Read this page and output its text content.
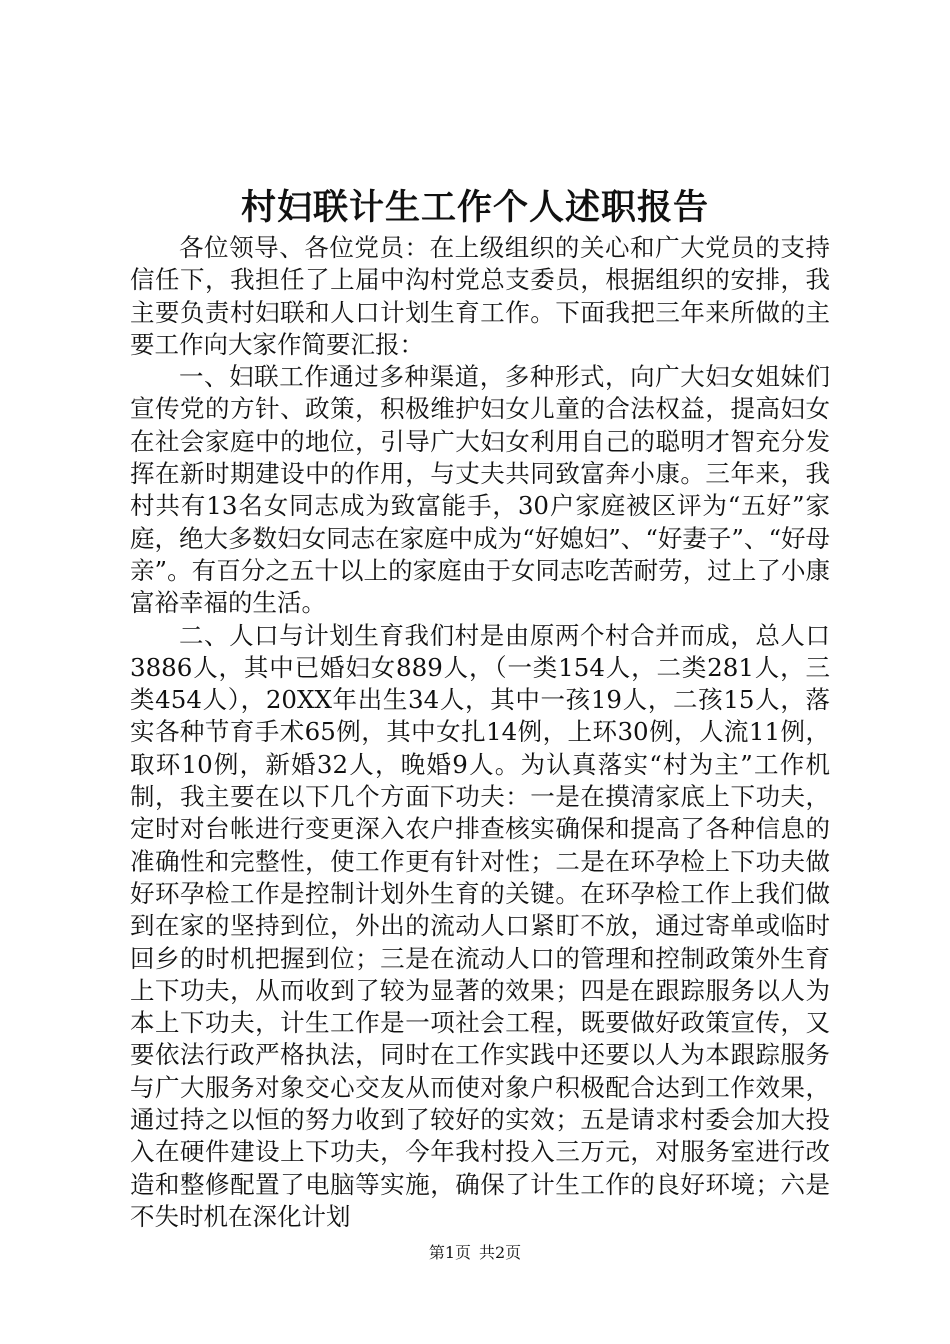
村妇联计生工作个人述职报告

各位领导、各位党员：在上级组织的关心和广大党员的支持信任下，我担任了上届中沟村党总支委员，根据组织的安排，我主要负责村妇联和人口计划生育工作。下面我把三年来所做的主要工作向大家作简要汇报：

一、妇联工作通过多种渠道，多种形式，向广大妇女姐妹们宣传党的方针、政策，积极维护妇女儿童的合法权益，提高妇女在社会家庭中的地位，引导广大妇女利用自己的聪明才智充分发挥在新时期建设中的作用，与丈夫共同致富奔小康。三年来，我村共有13名女同志成为致富能手，30户家庭被区评为“五好”家庭，绝大多数妇女同志在家庭中成为“好媳妇”、“好妻子”、“好母亲”。有百分之五十以上的家庭由于女同志吃苦耐劳，过上了小康富裕幸福的生活。

二、人口与计划生育我们村是由原两个村合并而成，总人口3886人，其中已婚妇女889人，（一类154人，二类281人，三类454人），20XX年出生34人，其中一孩19人，二孩15人，落实各种节育手术65例，其中女扎14例，上环30例，人流11例，取环10例，新婚32人，晚婚9人。为认真落实“村为主”工作机制，我主要在以下几个方面下功夫：一是在摸清家底上下功夫，定时对台帐进行变更深入农户排查核实确保和提高了各种信息的准确性和完整性，使工作更有针对性；二是在环孕检上下功夫做好环孕检工作是控制计划外生育的关键。在环孕检工作上我们做到在家的坚持到位，外出的流动人口紧盯不放，通过寄单或临时回乡的时机把握到位；三是在流动人口的管理和控制政策外生育上下功夫，从而收到了较为显著的效果；四是在跟踪服务以人为本上下功夫，计生工作是一项社会工程，既要做好政策宣传，又要依法行政严格执法，同时在工作实践中还要以人为本跟踪服务与广大服务对象交心交友从而使对象户积极配合达到工作效果，通过持之以恒的努力收到了较好的实效；五是请求村委会加大投入在硬件建设上下功夫，今年我村投入三万元，对服务室进行改造和整修配置了电脑等实施，确保了计生工作的良好环境；六是不失时机在深化计划

第1页 共2页
